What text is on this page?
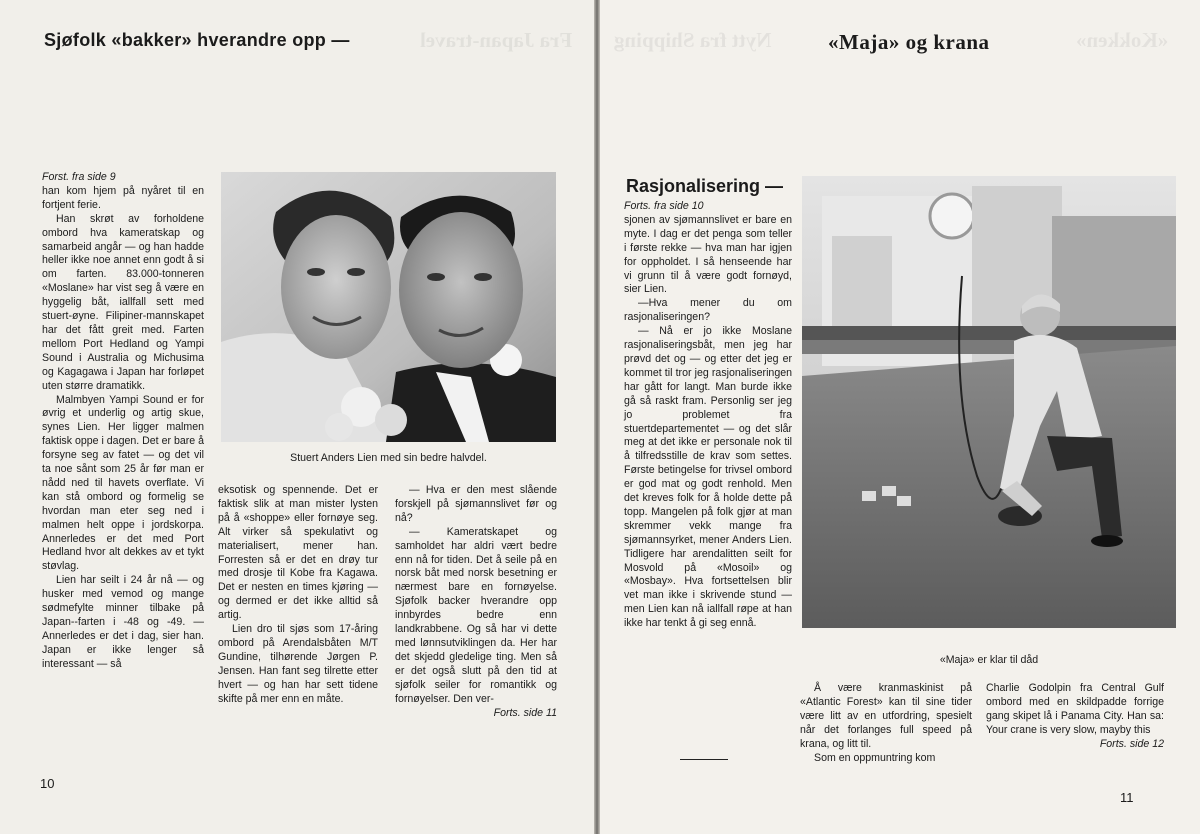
Fra Japan-travel
Sjøfolk «bakker» hverandre opp —

Forst. fra side 9

han kom hjem på nyåret til en fortjent ferie.

Han skrøt av forholdene ombord hva kameratskap og samarbeid angår — og han hadde heller ikke noe annet enn godt å si om farten. 83.000-tonneren «Moslane» har vist seg å være en hyggelig båt, iallfall sett med stuert-øyne. Filipiner-mannskapet har det fått greit med. Farten mellom Port Hedland og Yampi Sound i Australia og Michusima og Kagagawa i Japan har forløpet uten større dramatikk.

Malmbyen Yampi Sound er for øvrig et underlig og artig skue, synes Lien. Her ligger malmen faktisk oppe i dagen. Det er bare å forsyne seg av fatet — og det vil ta noe sånt som 25 år før man er nådd ned til havets overflate. Vi kan stå ombord og formelig se hvordan man eter seg ned i malmen helt oppe i jordskorpa. Annerledes er det med Port Hedland hvor alt dekkes av et tykt støvlag.

Lien har seilt i 24 år nå — og husker med vemod og mange sødmefylte minner tilbake på Japan--farten i -48 og -49. — Annerledes er det i dag, sier han. Japan er ikke lenger så interessant — så

Stuert Anders Lien med sin bedre halvdel.

eksotisk og spennende. Det er faktisk slik at man mister lysten på å «shoppe» eller fornøye seg. Alt virker så spekulativt og materialisert, mener han. Forresten så er det en drøy tur med drosje til Kobe fra Kagawa. Det er nesten en times kjøring — og dermed er det ikke alltid så artig.

Lien dro til sjøs som 17-åring ombord på Arendalsbåten M/T Gundine, tilhørende Jørgen P. Jensen. Han fant seg tilrette etter hvert — og han har sett tidene skifte på mer enn en måte.

— Hva er den mest slående forskjell på sjømannslivet før og nå?

— Kameratskapet og samholdet har aldri vært bedre enn nå for tiden. Det å seile på en norsk båt med norsk besetning er nærmest bare en fornøyelse. Sjøfolk backer hverandre opp innbyrdes bedre enn landkrabbene. Og så har vi dette med lønnsutviklingen da. Her har det skjedd gledelige ting. Men så er det også slutt på den tid at sjøfolk seiler for romantikk og fornøyelser. Den ver-

Forts. side 11

10
Nytt fra Shipping	«Kokken»
«Maja» og krana
Rasjonalisering —

Forts. fra side 10

sjonen av sjømannslivet er bare en myte. I dag er det penga som teller i første rekke — hva man har igjen for oppholdet. I så henseende har vi grunn til å være godt fornøyd, sier Lien.

—Hva mener du om rasjonaliseringen?

— Nå er jo ikke Moslane rasjonaliseringsbåt, men jeg har prøvd det og — og etter det jeg er kommet til tror jeg rasjonaliseringen har gått for langt. Man burde ikke gå så raskt fram. Personlig ser jeg jo problemet fra stuertdepartementet — og det slår meg at det ikke er personale nok til å tilfredsstille de krav som settes. Første betingelse for trivsel ombord er god mat og godt renhold. Men det kreves folk for å holde dette på topp. Mangelen på folk gjør at man skremmer vekk mange fra sjømannsyrket, mener Anders Lien. Tidligere har arendalitten seilt for Mosvold på «Mosoil» og «Mosbay». Hva fortsettelsen blir vet man ikke i skrivende stund — men Lien kan nå iallfall røpe at han ikke har tenkt å gi seg ennå.

«Maja» er klar til dåd

Å være kranmaskinist på «Atlantic Forest» kan til sine tider være litt av en utfordring, spesielt når det forlanges full speed på krana, og litt til.

Som en oppmuntring kom

Charlie Godolpin fra Central Gulf ombord med en skildpadde forrige gang skipet lå i Panama City. Han sa: Your crane is very slow, mayby this

Forts. side 12

11
